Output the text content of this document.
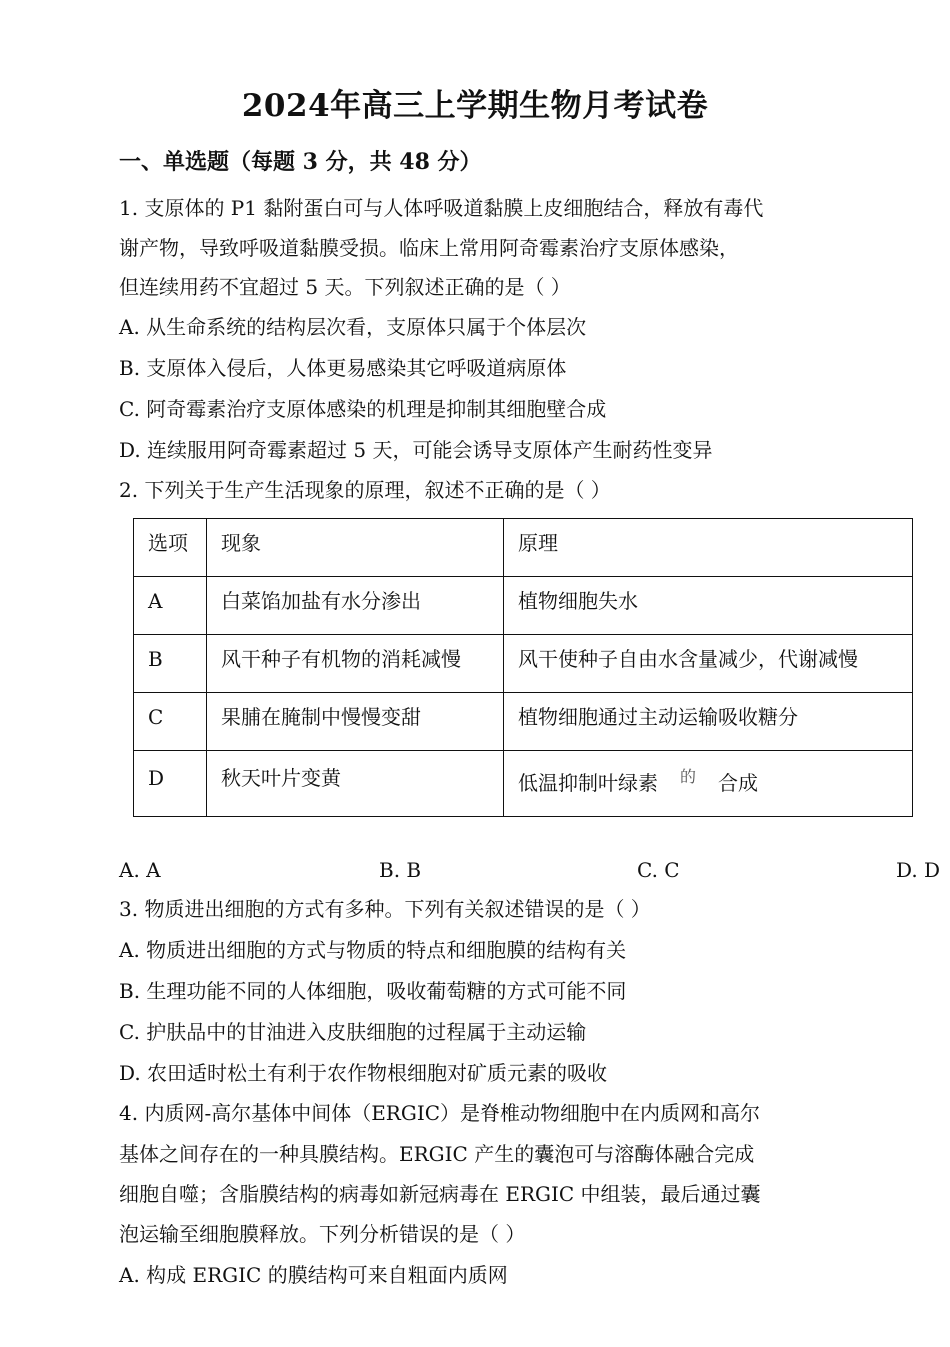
2024年高三上学期生物月考试卷
一、单选题（每题 3 分，共 48 分）
1. 支原体的 P1 黏附蛋白可与人体呼吸道黏膜上皮细胞结合，释放有毒代
谢产物，导致呼吸道黏膜受损。临床上常用阿奇霉素治疗支原体感染，
但连续用药不宜超过 5 天。下列叙述正确的是（ ）
A. 从生命系统的结构层次看，支原体只属于个体层次
B. 支原体入侵后，人体更易感染其它呼吸道病原体
C. 阿奇霉素治疗支原体感染的机理是抑制其细胞壁合成
D. 连续服用阿奇霉素超过 5 天，可能会诱导支原体产生耐药性变异
2. 下列关于生产生活现象的原理，叙述不正确的是（ ）
选项	现象	原理
A	白菜馅加盐有水分渗出	植物细胞失水
B	风干种子有机物的消耗减慢	风干使种子自由水含量减少，代谢减慢
C	果脯在腌制中慢慢变甜	植物细胞通过主动运输吸收糖分
D	秋天叶片变黄	低温抑制叶绿素 $^的$ 合成
A. A	B. B	C. C	D. D
3. 物质进出细胞的方式有多种。下列有关叙述错误的是（ ）
A. 物质进出细胞的方式与物质的特点和细胞膜的结构有关
B. 生理功能不同的人体细胞，吸收葡萄糖的方式可能不同
C. 护肤品中的甘油进入皮肤细胞的过程属于主动运输
D. 农田适时松土有利于农作物根细胞对矿质元素的吸收
4. 内质网-高尔基体中间体（ERGIC）是脊椎动物细胞中在内质网和高尔
基体之间存在的一种具膜结构。ERGIC 产生的囊泡可与溶酶体融合完成
细胞自噬；含脂膜结构的病毒如新冠病毒在 ERGIC 中组装，最后通过囊
泡运输至细胞膜释放。下列分析错误的是（ ）
A. 构成 ERGIC 的膜结构可来自粗面内质网
